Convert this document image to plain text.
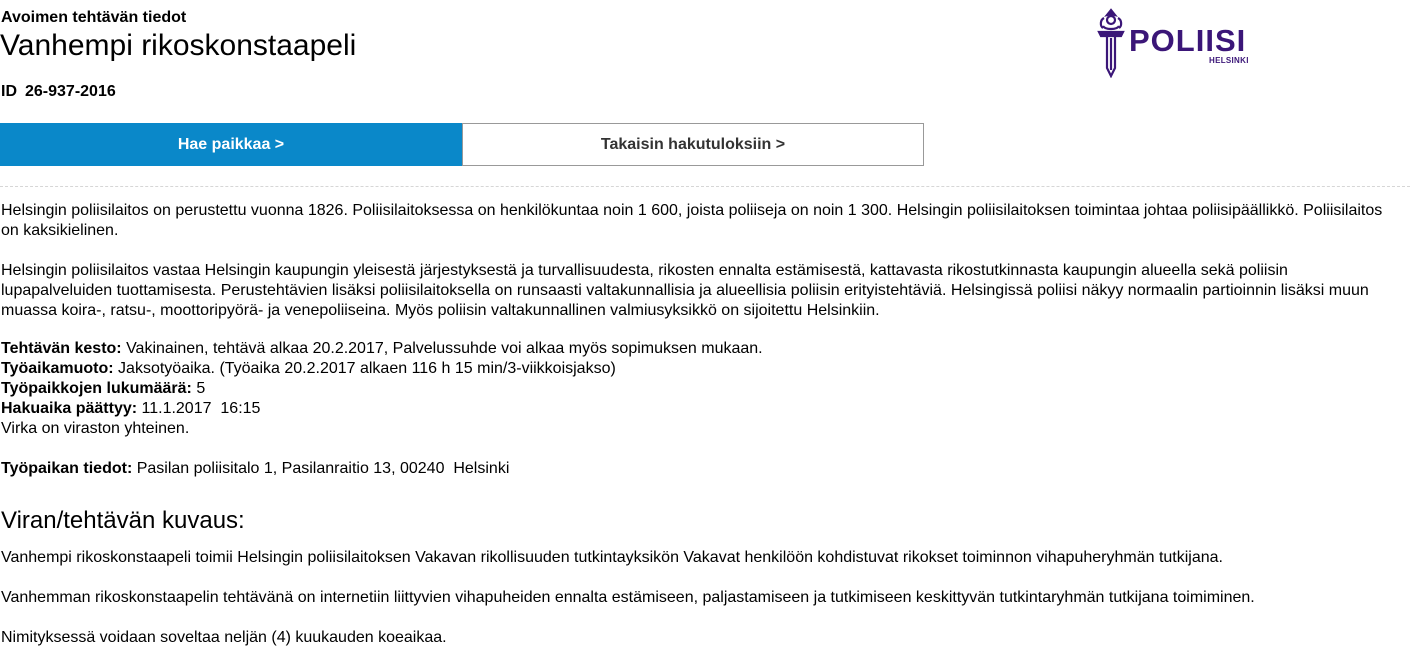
Avoimen tehtävän tiedot
Vanhempi rikoskonstaapeli
ID 26-937-2016
POLIISI
HELSINKI
Hae paikkaa >	Takaisin hakutuloksiin >

Helsingin poliisilaitos on perustettu vuonna 1826. Poliisilaitoksessa on henkilökuntaa noin 1 600, joista poliiseja on noin 1 300. Helsingin poliisilaitoksen toimintaa johtaa poliisipäällikkö. Poliisilaitos on kaksikielinen.

Helsingin poliisilaitos vastaa Helsingin kaupungin yleisestä järjestyksestä ja turvallisuudesta, rikosten ennalta estämisestä, kattavasta rikostutkinnasta kaupungin alueella sekä poliisin lupapalveluiden tuottamisesta. Perustehtävien lisäksi poliisilaitoksella on runsaasti valtakunnallisia ja alueellisia poliisin erityistehtäviä. Helsingissä poliisi näkyy normaalin partioinnin lisäksi muun muassa koira-, ratsu-, moottoripyörä- ja venepoliiseina. Myös poliisin valtakunnallinen valmiusyksikkö on sijoitettu Helsinkiin.

Tehtävän kesto: Vakinainen, tehtävä alkaa 20.2.2017, Palvelussuhde voi alkaa myös sopimuksen mukaan.
Työaikamuoto: Jaksotyöaika. (Työaika 20.2.2017 alkaen 116 h 15 min/3-viikkoisjakso)
Työpaikkojen lukumäärä: 5
Hakuaika päättyy: 11.1.2017  16:15
Virka on viraston yhteinen.

Työpaikan tiedot: Pasilan poliisitalo 1, Pasilanraitio 13, 00240  Helsinki

Viran/tehtävän kuvaus:

Vanhempi rikoskonstaapeli toimii Helsingin poliisilaitoksen Vakavan rikollisuuden tutkintayksikön Vakavat henkilöön kohdistuvat rikokset toiminnon vihapuheryhmän tutkijana.

Vanhemman rikoskonstaapelin tehtävänä on internetiin liittyvien vihapuheiden ennalta estämiseen, paljastamiseen ja tutkimiseen keskittyvän tutkintaryhmän tutkijana toimiminen.

Nimityksessä voidaan soveltaa neljän (4) kuukauden koeaikaa.
